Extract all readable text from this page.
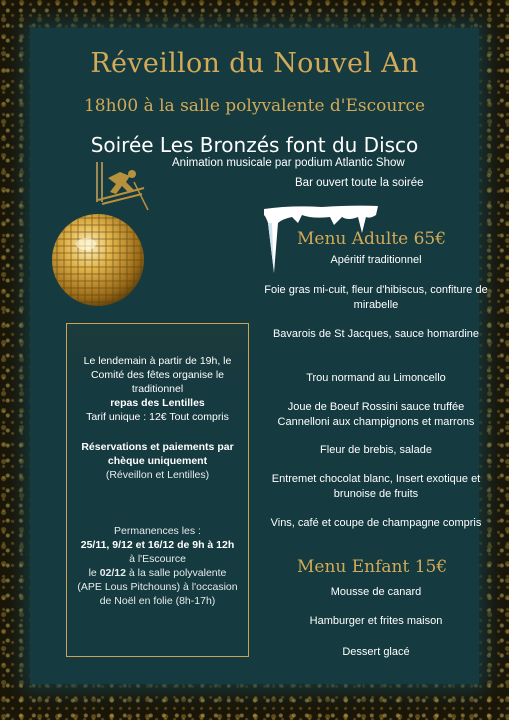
Réveillon du Nouvel An
18h00 à la salle polyvalente d'Escource
Soirée Les Bronzés font du Disco
Animation musicale par podium Atlantic Show
Bar ouvert toute la soirée
Menu Adulte 65€
Apéritif traditionnel
Foie gras mi-cuit, fleur d'hibiscus, confiture de mirabelle
Bavarois de St Jacques, sauce homardine
Trou normand au Limoncello
Joue de Boeuf Rossini sauce truffée Cannelloni aux champignons et marrons
Fleur de brebis, salade
Entremet chocolat blanc, Insert exotique et brunoise de fruits
Vins, café et coupe de champagne compris
Menu Enfant 15€
Mousse de canard
Hamburger et frites maison
Dessert glacé
Le lendemain à partir de 19h, le Comité des fêtes organise le traditionnel
repas des Lentilles
Tarif unique : 12€ Tout compris
Réservations et paiements par chèque uniquement
(Réveillon et Lentilles)
Permanences les :
25/11, 9/12 et 16/12 de 9h à 12h
à l'Escource
le 02/12 à la salle polyvalente
(APE Lous Pitchouns) à l'occasion de Noël en folie (8h-17h)
